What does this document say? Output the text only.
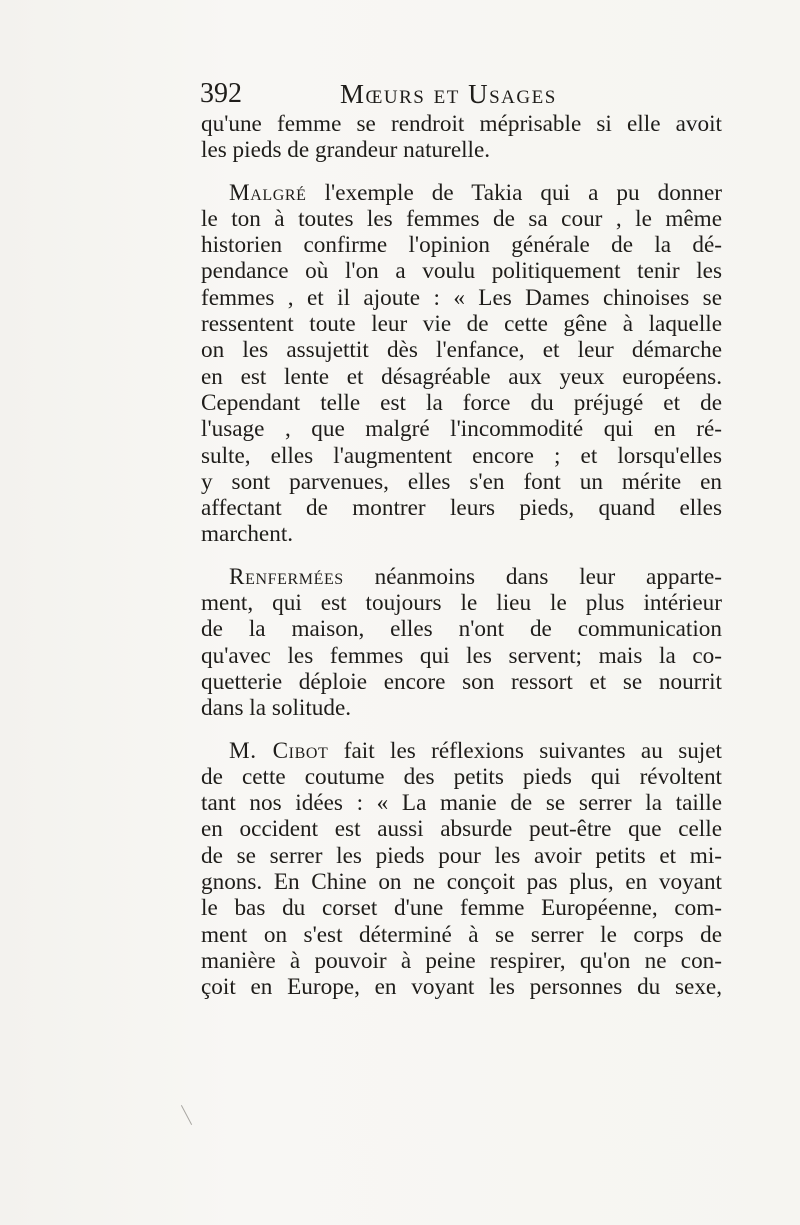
392	Mœurs et Usages

qu'une femme se rendroit méprisable si elle avoit
les pieds de grandeur naturelle.

Malgré l'exemple de Takia qui a pu donner
le ton à toutes les femmes de sa cour , le même
historien confirme l'opinion générale de la dé-
pendance où l'on a voulu politiquement tenir les
femmes , et il ajoute : « Les Dames chinoises se
ressentent toute leur vie de cette gêne à laquelle
on les assujettit dès l'enfance, et leur démarche
en est lente et désagréable aux yeux européens.
Cependant telle est la force du préjugé et de
l'usage , que malgré l'incommodité qui en ré-
sulte, elles l'augmentent encore ; et lorsqu'elles
y sont parvenues, elles s'en font un mérite en
affectant de montrer leurs pieds, quand elles
marchent.

Renfermées néanmoins dans leur apparte-
ment, qui est toujours le lieu le plus intérieur
de la maison, elles n'ont de communication
qu'avec les femmes qui les servent; mais la co-
quetterie déploie encore son ressort et se nourrit
dans la solitude.

M. Cibot fait les réflexions suivantes au sujet
de cette coutume des petits pieds qui révoltent
tant nos idées : « La manie de se serrer la taille
en occident est aussi absurde peut-être que celle
de se serrer les pieds pour les avoir petits et mi-
gnons. En Chine on ne conçoit pas plus, en voyant
le bas du corset d'une femme Européenne, com-
ment on s'est déterminé à se serrer le corps de
manière à pouvoir à peine respirer, qu'on ne con-
çoit en Europe, en voyant les personnes du sexe,
